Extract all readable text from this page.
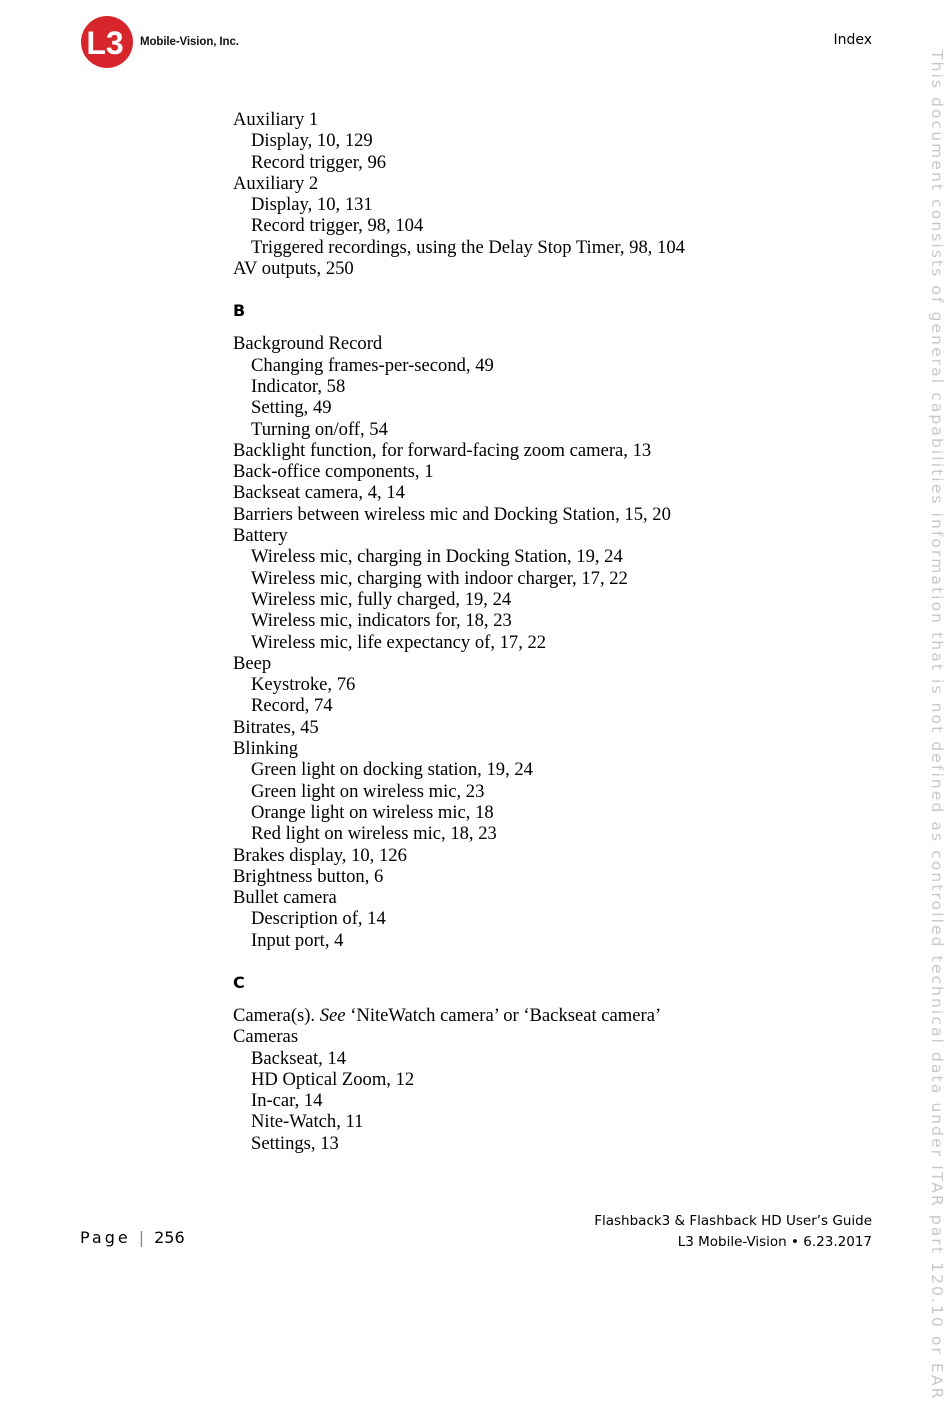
L3 Mobile-Vision, Inc.	Index
This document consists of general capabilities information that is not defined as controlled technical data under ITAR part 120.10 or EAR
Auxiliary 1
Display, 10, 129
Record trigger, 96
Auxiliary 2
Display, 10, 131
Record trigger, 98, 104
Triggered recordings, using the Delay Stop Timer, 98, 104
AV outputs, 250
B
Background Record
Changing frames-per-second, 49
Indicator, 58
Setting, 49
Turning on/off, 54
Backlight function, for forward-facing zoom camera, 13
Back-office components, 1
Backseat camera, 4, 14
Barriers between wireless mic and Docking Station, 15, 20
Battery
Wireless mic, charging in Docking Station, 19, 24
Wireless mic, charging with indoor charger, 17, 22
Wireless mic, fully charged, 19, 24
Wireless mic, indicators for, 18, 23
Wireless mic, life expectancy of, 17, 22
Beep
Keystroke, 76
Record, 74
Bitrates, 45
Blinking
Green light on docking station, 19, 24
Green light on wireless mic, 23
Orange light on wireless mic, 18
Red light on wireless mic, 18, 23
Brakes display, 10, 126
Brightness button, 6
Bullet camera
Description of, 14
Input port, 4
C
Camera(s). See ‘NiteWatch camera’ or ‘Backseat camera’
Cameras
Backseat, 14
HD Optical Zoom, 12
In-car, 14
Nite-Watch, 11
Settings, 13
Page | 256
Flashback3 & Flashback HD User’s Guide
L3 Mobile-Vision • 6.23.2017
